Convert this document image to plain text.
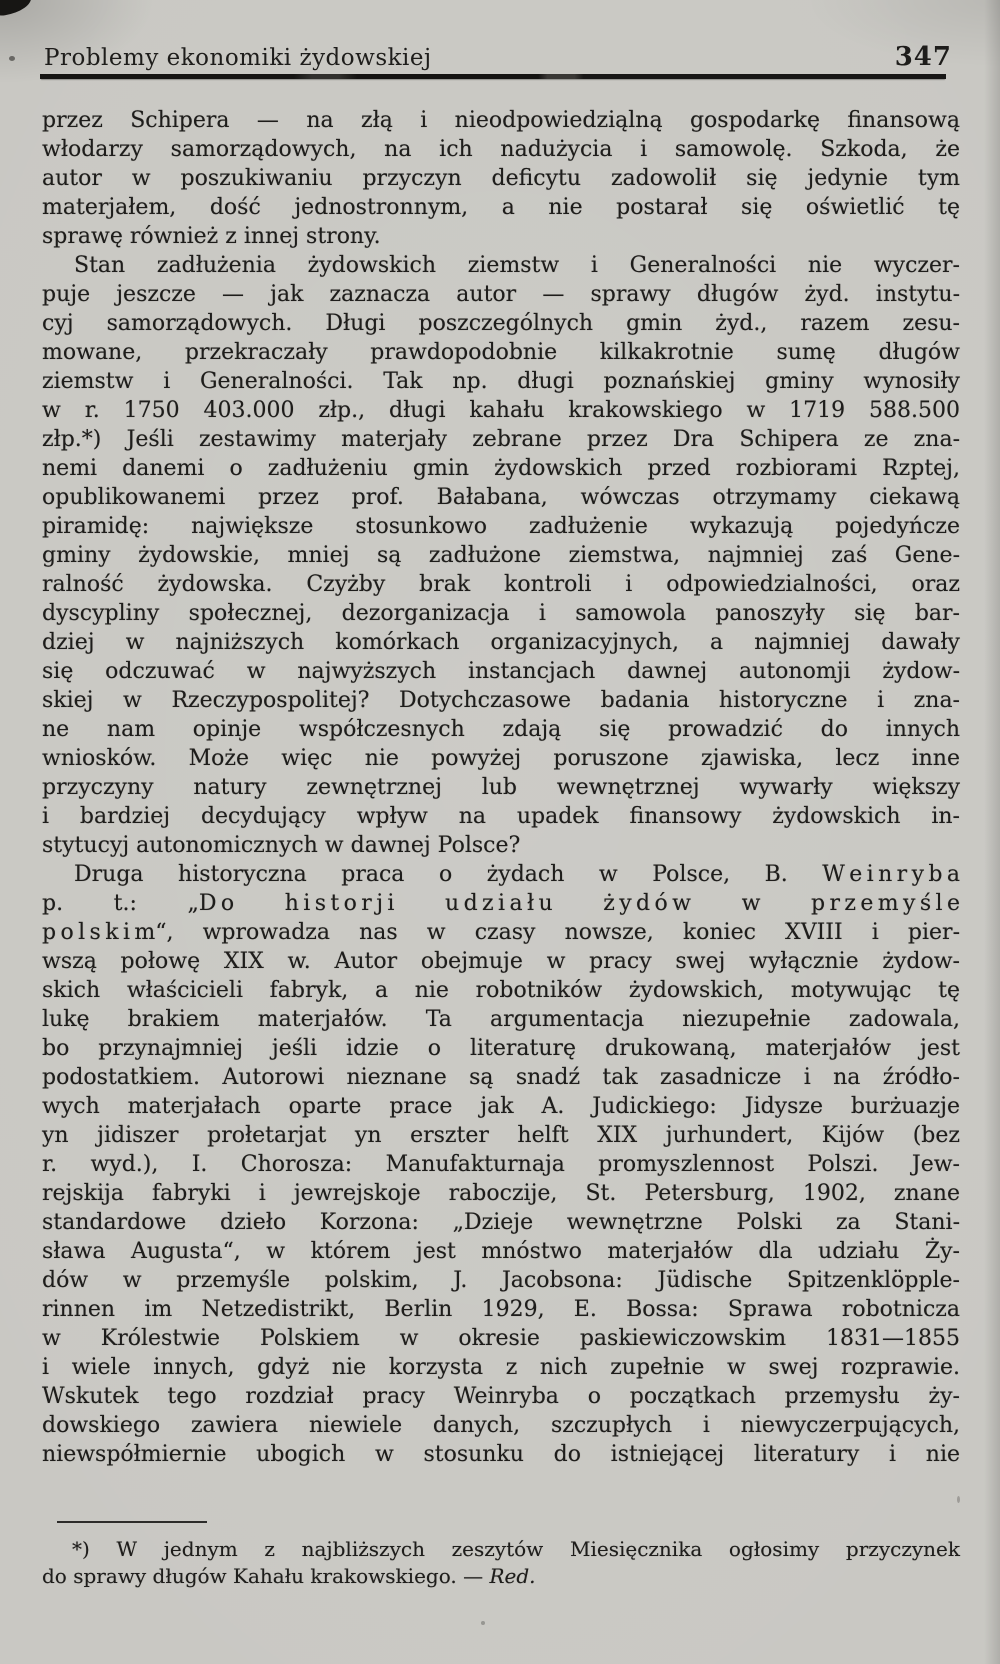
Problemy ekonomiki żydowskiej	347
przez Schipera — na złą i nieodpowiedziąlną gospodarkę finansową
włodarzy samorządowych, na ich nadużycia i samowolę. Szkoda, że
autor w poszukiwaniu przyczyn deficytu zadowolił się jedynie tym
materjałem, dość jednostronnym, a nie postarał się oświetlić tę
sprawę również z innej strony.
Stan zadłużenia żydowskich ziemstw i Generalności nie wyczer-
puje jeszcze — jak zaznacza autor — sprawy długów żyd. instytu-
cyj samorządowych. Długi poszczególnych gmin żyd., razem zesu-
mowane, przekraczały prawdopodobnie kilkakrotnie sumę długów
ziemstw i Generalności. Tak np. długi poznańskiej gminy wynosiły
w r. 1750 403.000 złp., długi kahału krakowskiego w 1719 588.500
złp.*) Jeśli zestawimy materjały zebrane przez Dra Schipera ze zna-
nemi danemi o zadłużeniu gmin żydowskich przed rozbiorami Rzptej,
opublikowanemi przez prof. Bałabana, wówczas otrzymamy ciekawą
piramidę: największe stosunkowo zadłużenie wykazują pojedyńcze
gminy żydowskie, mniej są zadłużone ziemstwa, najmniej zaś Gene-
ralność żydowska. Czyżby brak kontroli i odpowiedzialności, oraz
dyscypliny społecznej, dezorganizacja i samowola panoszyły się bar-
dziej w najniższych komórkach organizacyjnych, a najmniej dawały
się odczuwać w najwyższych instancjach dawnej autonomji żydow-
skiej w Rzeczypospolitej? Dotychczasowe badania historyczne i zna-
ne nam opinje współczesnych zdają się prowadzić do innych
wniosków. Może więc nie powyżej poruszone zjawiska, lecz inne
przyczyny natury zewnętrznej lub wewnętrznej wywarły większy
i bardziej decydujący wpływ na upadek finansowy żydowskich in-
stytucyj autonomicznych w dawnej Polsce?
Druga historyczna praca o żydach w Polsce, B. W e i n r y b a
p. t.: „D o h i s t o r j i u d z i a ł u ż y d ó w w p r z e m y ś l e
p o l s k i m“, wprowadza nas w czasy nowsze, koniec XVIII i pier-
wszą połowę XIX w. Autor obejmuje w pracy swej wyłącznie żydow-
skich właścicieli fabryk, a nie robotników żydowskich, motywując tę
lukę brakiem materjałów. Ta argumentacja niezupełnie zadowala,
bo przynajmniej jeśli idzie o literaturę drukowaną, materjałów jest
podostatkiem. Autorowi nieznane są snadź tak zasadnicze i na źródło-
wych materjałach oparte prace jak A. Judickiego: Jidysze burżuazje
yn jidiszer prołetarjat yn erszter helft XIX jurhundert, Kijów (bez
r. wyd.), I. Chorosza: Manufakturnaja promyszlennost Polszi. Jew-
rejskija fabryki i jewrejskoje raboczije, St. Petersburg, 1902, znane
standardowe dzieło Korzona: „Dzieje wewnętrzne Polski za Stani-
sława Augusta“, w którem jest mnóstwo materjałów dla udziału Ży-
dów w przemyśle polskim, J. Jacobsona: Jüdische Spitzenklöpple-
rinnen im Netzedistrikt, Berlin 1929, E. Bossa: Sprawa robotnicza
w Królestwie Polskiem w okresie paskiewiczowskim 1831—1855
i wiele innych, gdyż nie korzysta z nich zupełnie w swej rozprawie.
Wskutek tego rozdział pracy Weinryba o początkach przemysłu ży-
dowskiego zawiera niewiele danych, szczupłych i niewyczerpujących,
niewspółmiernie ubogich w stosunku do istniejącej literatury i nie
*) W jednym z najbliższych zeszytów Miesięcznika ogłosimy przyczynek
do sprawy długów Kahału krakowskiego. — Red.
